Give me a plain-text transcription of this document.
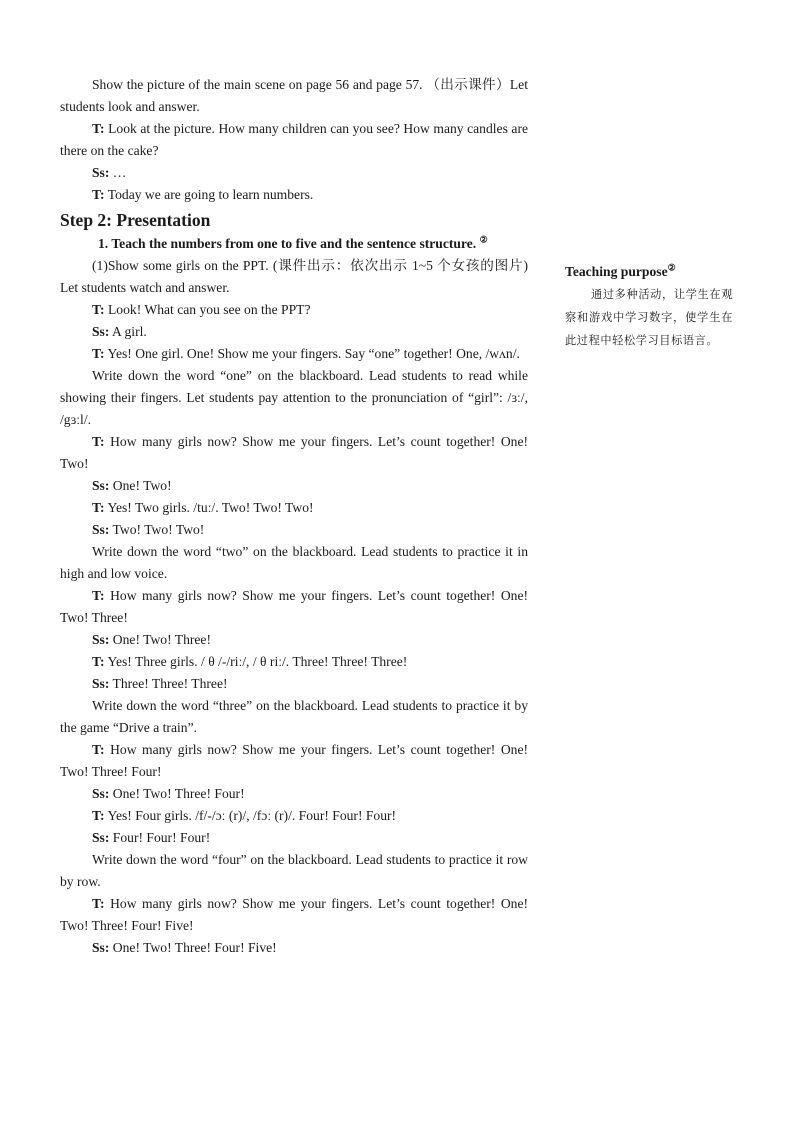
Show the picture of the main scene on page 56 and page 57. （出示课件）Let students look and answer.

T: Look at the picture. How many children can you see? How many candles are there on the cake?

Ss: …

T: Today we are going to learn numbers.

Step 2: Presentation

1. Teach the numbers from one to five and the sentence structure. ②

(1)Show some girls on the PPT. (课件出示：依次出示 1~5 个女孩的图片) Let students watch and answer.

T: Look! What can you see on the PPT?

Ss: A girl.

T: Yes! One girl. One! Show me your fingers. Say “one” together! One, /wʌn/.

Write down the word “one” on the blackboard. Lead students to read while showing their fingers. Let students pay attention to the pronunciation of “girl”: /ɜː/, /gɜːl/.

T: How many girls now? Show me your fingers. Let’s count together! One! Two!

Ss: One! Two!

T: Yes! Two girls. /tuː/. Two! Two! Two!

Ss: Two! Two! Two!

Write down the word “two” on the blackboard. Lead students to practice it in high and low voice.

T: How many girls now? Show me your fingers. Let’s count together! One! Two! Three!

Ss: One! Two! Three!

T: Yes! Three girls. / θ /-/riː/, / θ riː/. Three! Three! Three!

Ss: Three! Three! Three!

Write down the word “three” on the blackboard. Lead students to practice it by the game “Drive a train”.

T: How many girls now? Show me your fingers. Let’s count together! One! Two! Three! Four!

Ss: One! Two! Three! Four!

T: Yes! Four girls. /f/-/ɔː (r)/, /fɔː (r)/. Four! Four! Four!

Ss: Four! Four! Four!

Write down the word “four” on the blackboard. Lead students to practice it row by row.

T: How many girls now? Show me your fingers. Let’s count together! One! Two! Three! Four! Five!

Ss: One! Two! Three! Four! Five!

Teaching purpose②

通过多种活动，让学生在观察和游戏中学习数字，使学生在此过程中轻松学习目标语言。
